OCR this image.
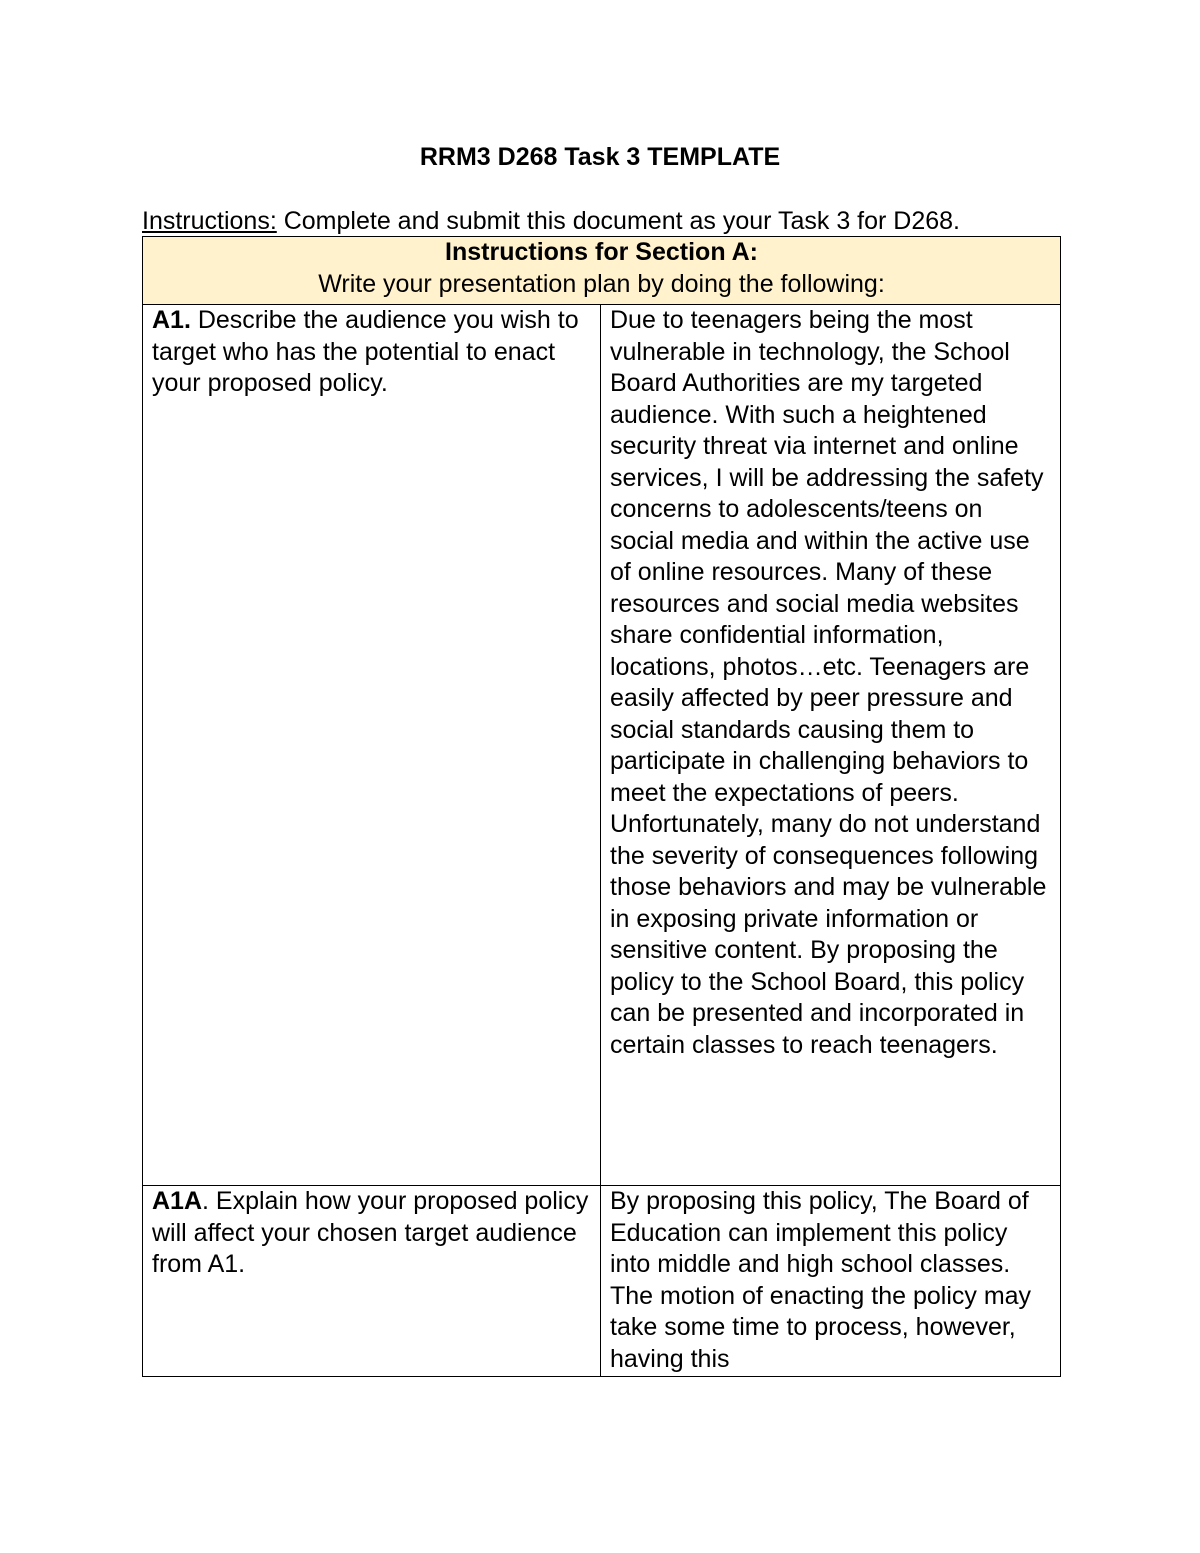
RRM3 D268 Task 3 TEMPLATE
Instructions: Complete and submit this document as your Task 3 for D268.
Instructions for Section A:
Write your presentation plan by doing the following:	

A1. Describe the audience you wish to target who has the potential to enact your proposed policy.	Due to teenagers being the most vulnerable in technology, the School Board Authorities are my targeted audience. With such a heightened security threat via internet and online services, I will be addressing the safety concerns to adolescents/teens on social media and within the active use of online resources. Many of these resources and social media websites share confidential information, locations, photos…etc. Teenagers are easily affected by peer pressure and social standards causing them to participate in challenging behaviors to meet the expectations of peers. Unfortunately, many do not understand the severity of consequences following those behaviors and may be vulnerable in exposing private information or sensitive content. By proposing the policy to the School Board, this policy can be presented and incorporated in certain classes to reach teenagers.
A1A. Explain how your proposed policy will affect your chosen target audience from A1.	By proposing this policy, The Board of Education can implement this policy into middle and high school classes. The motion of enacting the policy may take some time to process, however, having this
